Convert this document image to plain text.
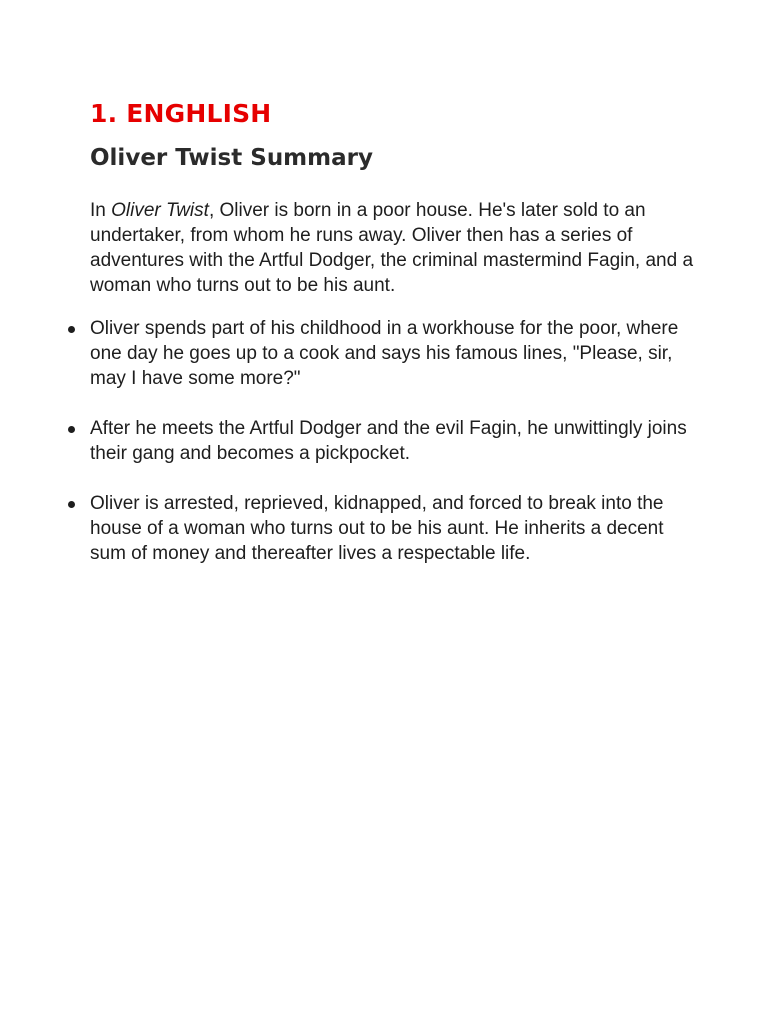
1. ENGHLISH
Oliver Twist Summary

In Oliver Twist, Oliver is born in a poor house. He's later sold to an undertaker, from whom he runs away. Oliver then has a series of adventures with the Artful Dodger, the criminal mastermind Fagin, and a woman who turns out to be his aunt.

Oliver spends part of his childhood in a workhouse for the poor, where one day he goes up to a cook and says his famous lines, "Please, sir, may I have some more?"
After he meets the Artful Dodger and the evil Fagin, he unwittingly joins their gang and becomes a pickpocket.
Oliver is arrested, reprieved, kidnapped, and forced to break into the house of a woman who turns out to be his aunt. He inherits a decent sum of money and thereafter lives a respectable life.
